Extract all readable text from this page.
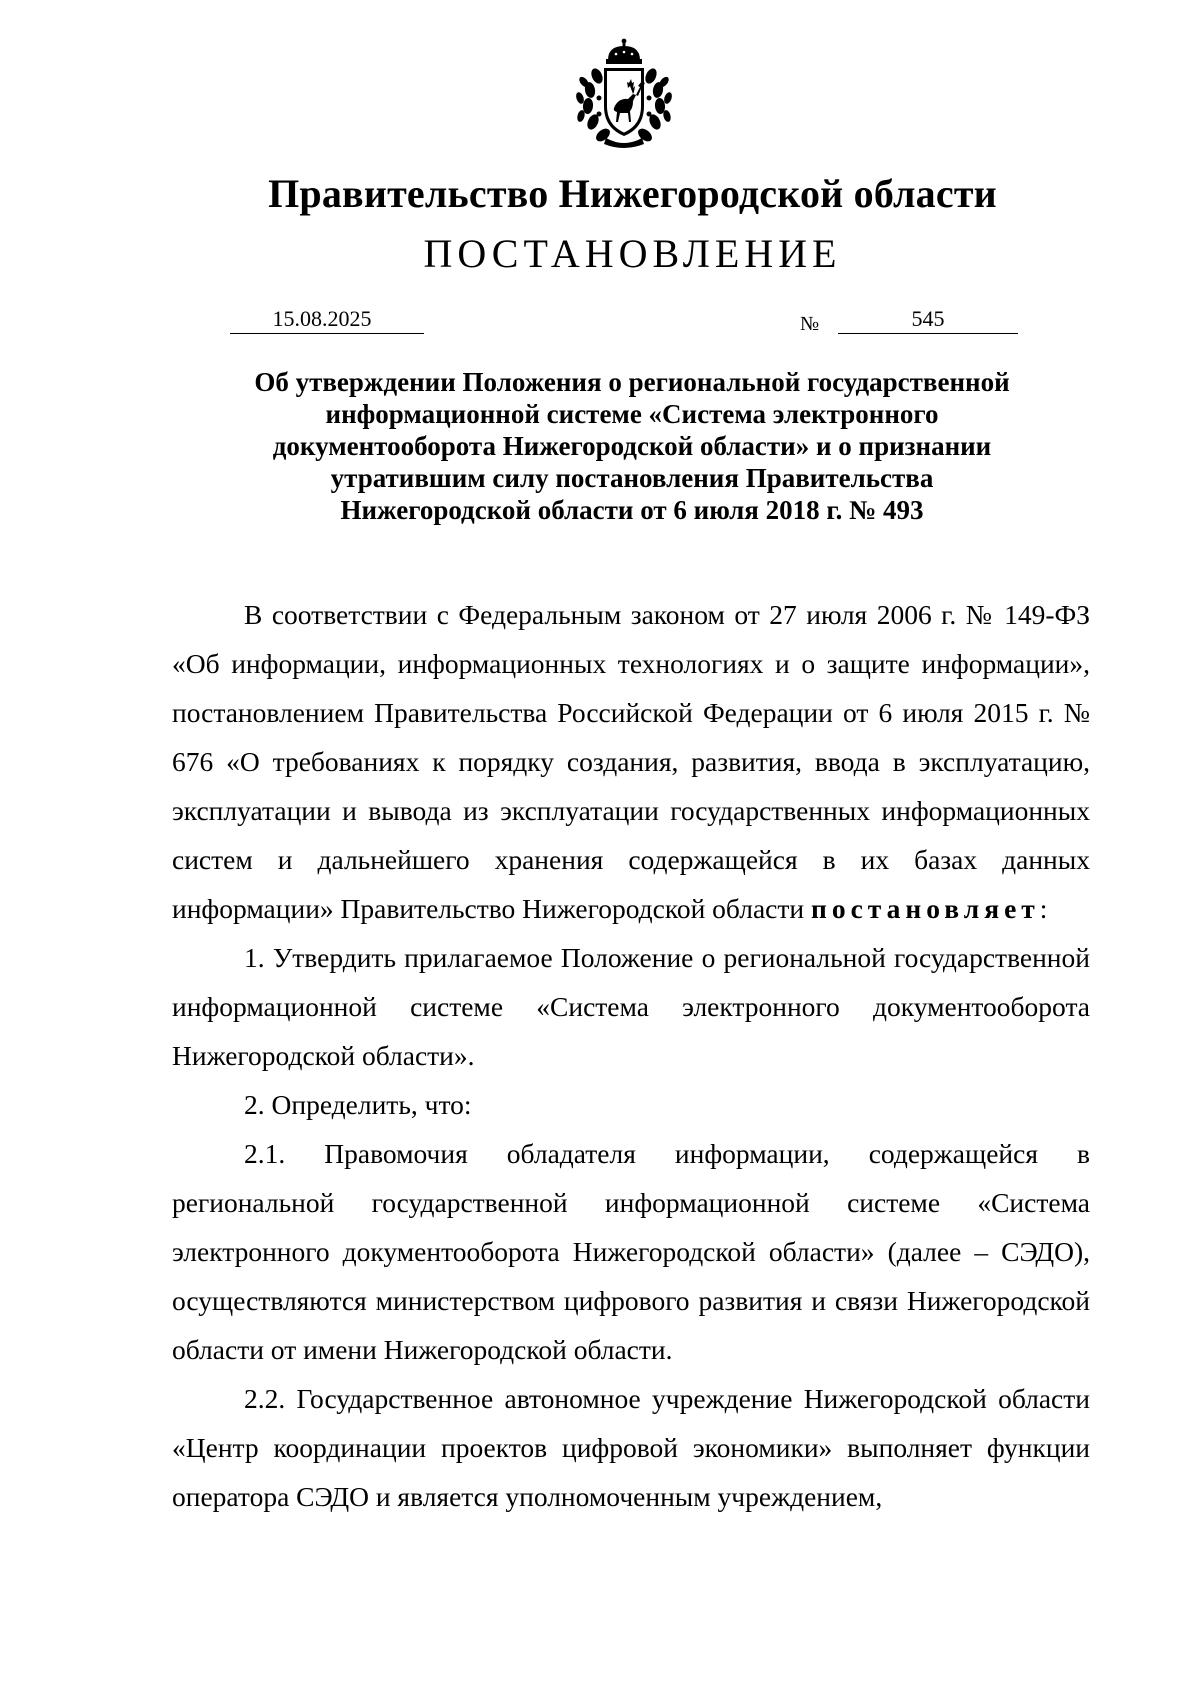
Правительство Нижегородской области
ПОСТАНОВЛЕНИЕ
15.08.2025	№	545
Об утверждении Положения о региональной государственной
информационной системе «Система электронного
документооборота Нижегородской области» и о признании
утратившим силу постановления Правительства
Нижегородской области от 6 июля 2018 г. № 493

В соответствии с Федеральным законом от 27 июля 2006 г. № 149-ФЗ «Об информации, информационных технологиях и о защите информации», постановлением Правительства Российской Федерации от 6 июля 2015 г. № 676 «О требованиях к порядку создания, развития, ввода в эксплуатацию, эксплуатации и вывода из эксплуатации государственных информационных систем и дальнейшего хранения содержащейся в их базах данных информации» Правительство Нижегородской области постановляет:

1. Утвердить прилагаемое Положение о региональной государственной информационной системе «Система электронного документооборота Нижегородской области».

2. Определить, что:

2.1. Правомочия обладателя информации, содержащейся в региональной государственной информационной системе «Система электронного документооборота Нижегородской области» (далее – СЭДО), осуществляются министерством цифрового развития и связи Нижегородской области от имени Нижегородской области.

2.2. Государственное автономное учреждение Нижегородской области «Центр координации проектов цифровой экономики» выполняет функции оператора СЭДО и является уполномоченным учреждением,
